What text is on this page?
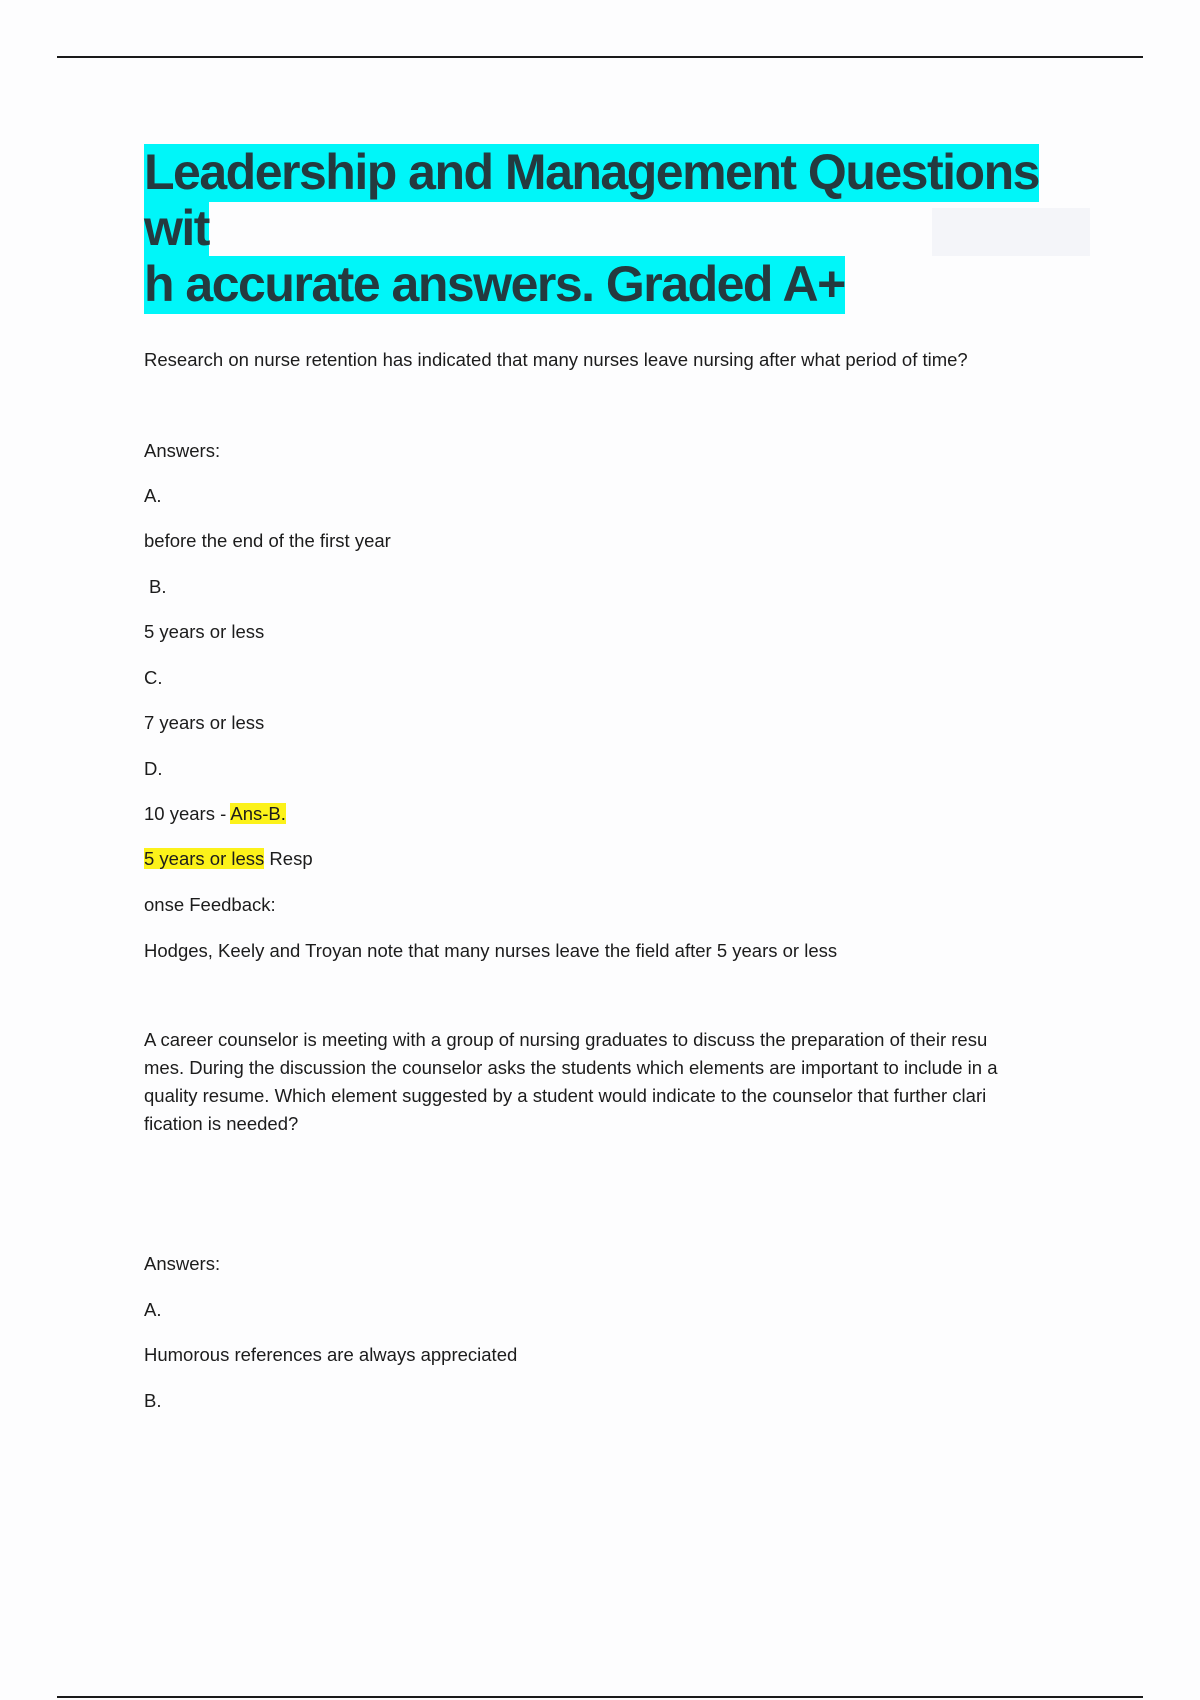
Leadership and Management Questions wit
h accurate answers. Graded A+
Research on nurse retention has indicated that many nurses leave nursing after what period of time?
Answers:
A.
before the end of the first year
B.
5 years or less
C.
7 years or less
D.
10 years - Ans-B.
5 years or less Resp
onse Feedback:
Hodges, Keely and Troyan note that many nurses leave the field after 5 years or less
A career counselor is meeting with a group of nursing graduates to discuss the preparation of their resu
mes. During the discussion the counselor asks the students which elements are important to include in a
quality resume. Which element suggested by a student would indicate to the counselor that further clari
fication is needed?
Answers:
A.
Humorous references are always appreciated
B.
